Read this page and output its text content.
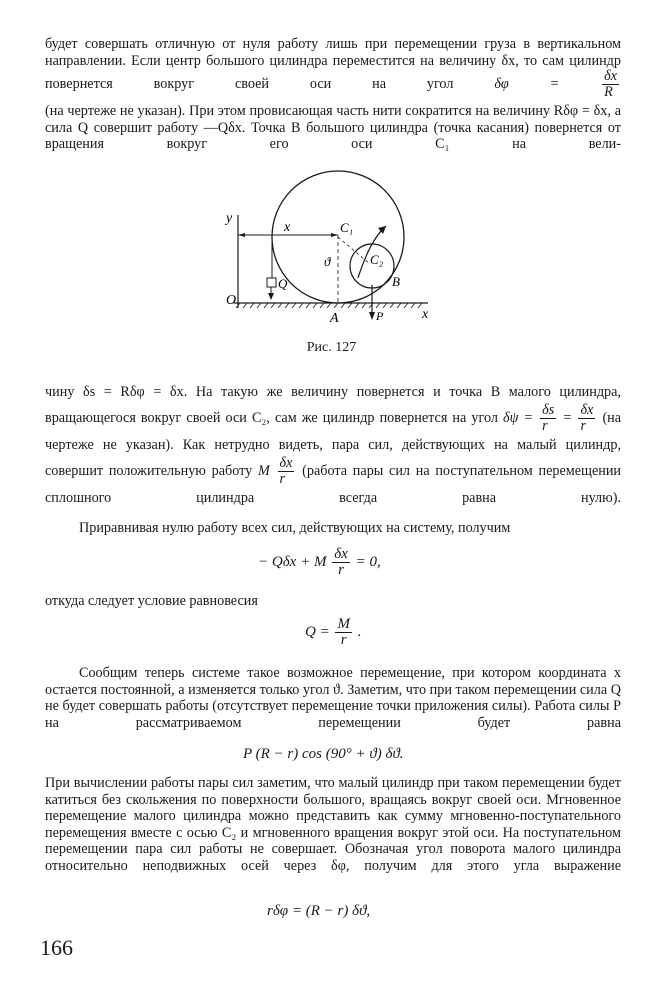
будет совершать отличную от нуля работу лишь при перемещении груза в вертикальном направлении. Если центр большого цилиндра переместится на величину δx, то сам цилиндр повернется вокруг своей оси на угол	δφ =	$\frac{\delta x}{R}$

(на чертеже не указан). При этом провисающая часть нити сократится на величину Rδφ = δx, а сила Q совершит работу —Qδx. Точка B большого цилиндра (точка касания) повернется от вращения вокруг его оси C₁ на вели-

y
O
x
x	C₁
ϑ	C₂
B
P
Q
A
Рис. 127

чину δs = Rδφ = δx. На такую же величину повернется и точка B малого цилиндра, вращающегося вокруг своей оси C₂, сам же цилиндр повернется на угол $\delta\psi = \frac{\delta s}{r} = \frac{\delta x}{r} (на$ чертеже не указан). Как нетрудно видеть, пара сил, действующих на малый цилиндр, совершит положительную работу M $\frac{\delta x}{r}$ (работа пары сил на поступательном перемещении сплошного цилиндра всегда равна нулю).

Приравнивая нулю работу всех сил, действующих на систему, получим

− Qδx + M $\frac{\delta x}{r} = 0$,

откуда следует условие равновесия

$Q = \frac{M}{r}$ .

Сообщим теперь системе такое возможное перемещение, при котором координата x остается постоянной, а изменяется только угол ϑ. Заметим, что при таком перемещении сила Q не будет совершать работы (отсутствует перемещение точки приложения силы). Работа силы P на рассматриваемом перемещении будет равна

P (R − r) cos (90° + ϑ) δϑ.

При вычислении работы пары сил заметим, что малый цилиндр при таком перемещении будет катиться без скольжения по поверхности большого, вращаясь вокруг своей оси. Мгновенное перемещение малого цилиндра можно представить как сумму мгновенно-поступательного перемещения вместе с осью C₂ и мгновенного вращения вокруг этой оси. На поступательном перемещении пара сил работы не совершает. Обозначая угол поворота малого цилиндра относительно неподвижных осей через δφ, получим для этого угла выражение

rδφ = (R − r) δϑ,
166
